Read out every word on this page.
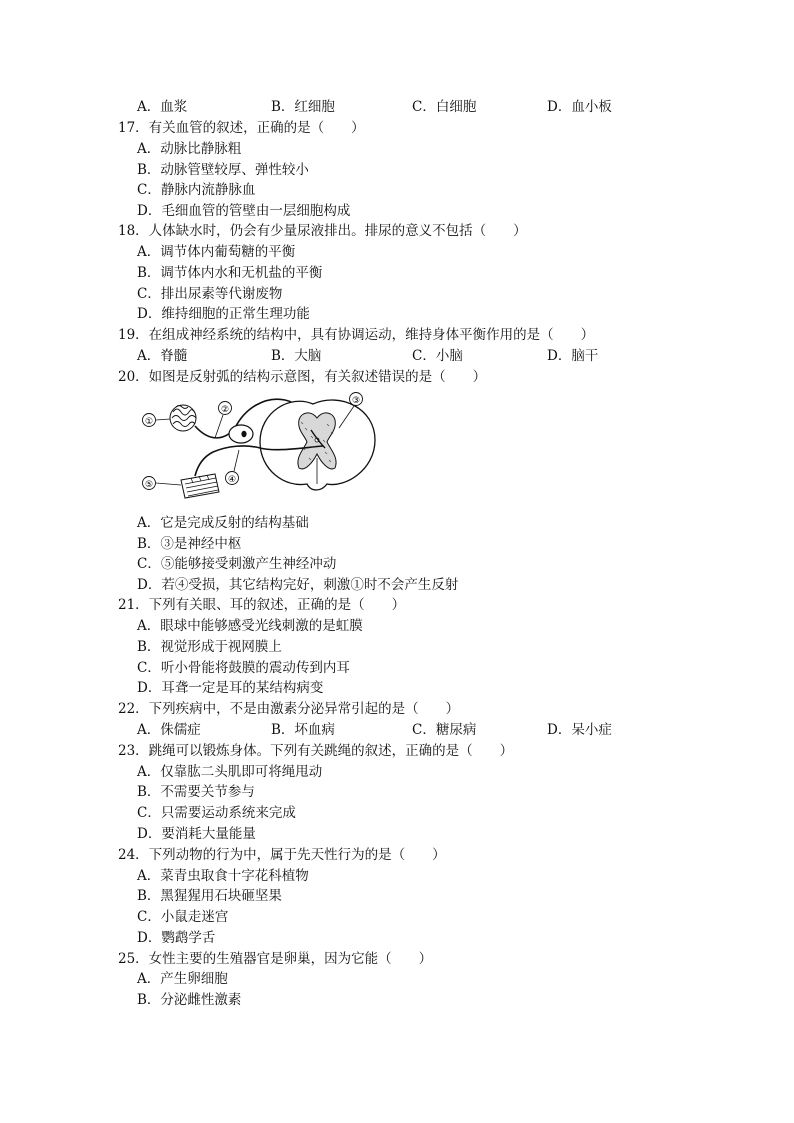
A．血浆	B．红细胞	C．白细胞	D．血小板
17．有关血管的叙述，正确的是（　　）
A．动脉比静脉粗
B．动脉管壁较厚、弹性较小
C．静脉内流静脉血
D．毛细血管的管壁由一层细胞构成
18．人体缺水时，仍会有少量尿液排出。排尿的意义不包括（　　）
A．调节体内葡萄糖的平衡
B．调节体内水和无机盐的平衡
C．排出尿素等代谢废物
D．维持细胞的正常生理功能
19．在组成神经系统的结构中，具有协调运动，维持身体平衡作用的是（　　）
A．脊髓	B．大脑	C．小脑	D．脑干
20．如图是反射弧的结构示意图，有关叙述错误的是（　　）
①
②
③
④
⑤
A．它是完成反射的结构基础
B．③是神经中枢
C．⑤能够接受刺激产生神经冲动
D．若④受损，其它结构完好，刺激①时不会产生反射
21．下列有关眼、耳的叙述，正确的是（　　）
A．眼球中能够感受光线刺激的是虹膜
B．视觉形成于视网膜上
C．听小骨能将鼓膜的震动传到内耳
D．耳聋一定是耳的某结构病变
22．下列疾病中，不是由激素分泌异常引起的是（　　）
A．侏儒症	B．坏血病	C．糖尿病	D．呆小症
23．跳绳可以锻炼身体。下列有关跳绳的叙述，正确的是（　　）
A．仅靠肱二头肌即可将绳甩动
B．不需要关节参与
C．只需要运动系统来完成
D．要消耗大量能量
24．下列动物的行为中，属于先天性行为的是（　　）
A．菜青虫取食十字花科植物
B．黑猩猩用石块砸坚果
C．小鼠走迷宫
D．鹦鹉学舌
25．女性主要的生殖器官是卵巢，因为它能（　　）
A．产生卵细胞
B．分泌雌性激素
